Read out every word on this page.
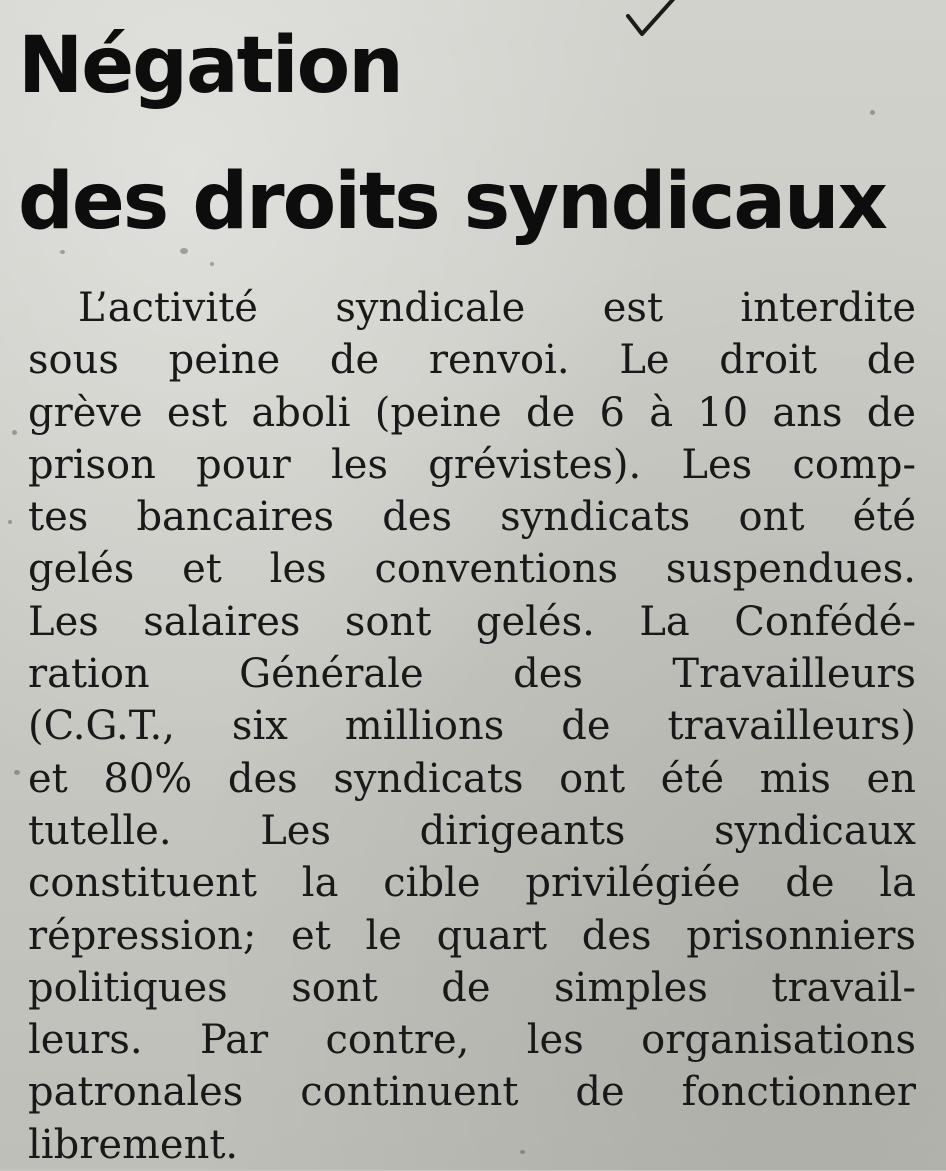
Négation
des droits syndicaux
L’activité syndicale est interdite
sous peine de renvoi. Le droit de
grève est aboli (peine de 6 à 10 ans de
prison pour les grévistes). Les comp-
tes bancaires des syndicats ont été
gelés et les conventions suspendues.
Les salaires sont gelés. La Confédé-
ration Générale des Travailleurs
(C.G.T., six millions de travailleurs)
et 80% des syndicats ont été mis en
tutelle. Les dirigeants syndicaux
constituent la cible privilégiée de la
répression; et le quart des prisonniers
politiques sont de simples travail-
leurs. Par contre, les organisations
patronales continuent de fonctionner
librement.
